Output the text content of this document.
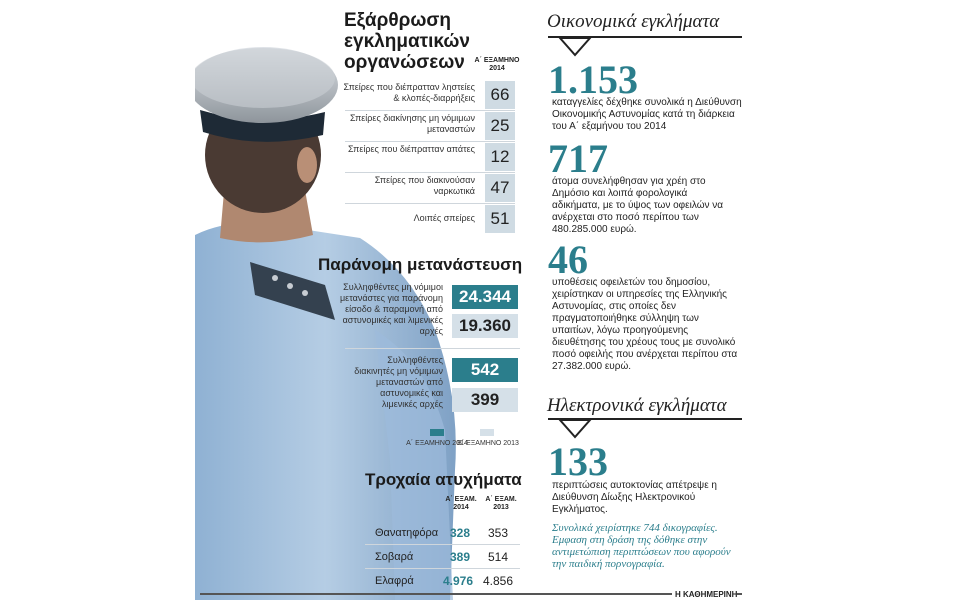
Εξάρθρωση εγκληματικών οργανώσεων	Α΄ ΕΞΑΜΗΝΟ 2014
Σπείρες που διέπρατταν ληστείες & κλοπές-διαρρήξεις 66
Σπείρες διακίνησης μη νόμιμων μεταναστών 25
Σπείρες που διέπρατταν απάτες 12
Σπείρες που διακινούσαν ναρκωτικά 47
Λοιπές σπείρες 51
Παράνομη μετανάστευση
Συλληφθέντες μη νόμιμοι μετανάστες για παράνομη είσοδο & παραμονή από αστυνομικές και λιμενικές αρχές
24.344
19.360
Συλληφθέντες διακινητές μη νόμιμων μεταναστών από αστυνομικές και λιμενικές αρχές
542
399
Α΄ ΕΞΑΜΗΝΟ 2014
Β΄ ΕΞΑΜΗΝΟ 2013
Τροχαία ατυχήματα
Α΄ ΕΞΑΜ. 2014
Α΄ ΕΞΑΜ. 2013
Θανατηφόρα 328 353
Σοβαρά	389 514
Ελαφρά 4.976 4.856
Οικονομικά εγκλήματα
1.153
καταγγελίες δέχθηκε συνολικά η Διεύθυνση Οικονομικής Αστυνομίας κατά τη διάρκεια του Α΄ εξαμήνου του 2014
717
άτομα συνελήφθησαν για χρέη στο Δημόσιο και λοιπά φορολογικά αδικήματα, με το ύψος των οφειλών να ανέρχεται στο ποσό περίπου των 480.285.000 ευρώ.
46
υποθέσεις οφειλετών του δημοσίου, χειρίστηκαν οι υπηρεσίες της Ελληνικής Αστυνομίας, στις οποίες δεν πραγματοποιήθηκε σύλληψη των υπαιτίων, λόγω προηγούμενης διευθέτησης του χρέους τους με συνολικό ποσό οφειλής που ανέρχεται περίπου στα 27.382.000 ευρώ.
Ηλεκτρονικά εγκλήματα
133
περιπτώσεις αυτοκτονίας απέτρεψε η Διεύθυνση Δίωξης Ηλεκτρονικού Εγκλήματος.
Συνολικά χειρίστηκε 744 δικογραφίες. Εμφαση στη δράση της δόθηκε στην αντιμετώπιση περιπτώσεων που αφορούν την παιδική πορνογραφία.
Η ΚΑΘΗΜΕΡΙΝΗ
